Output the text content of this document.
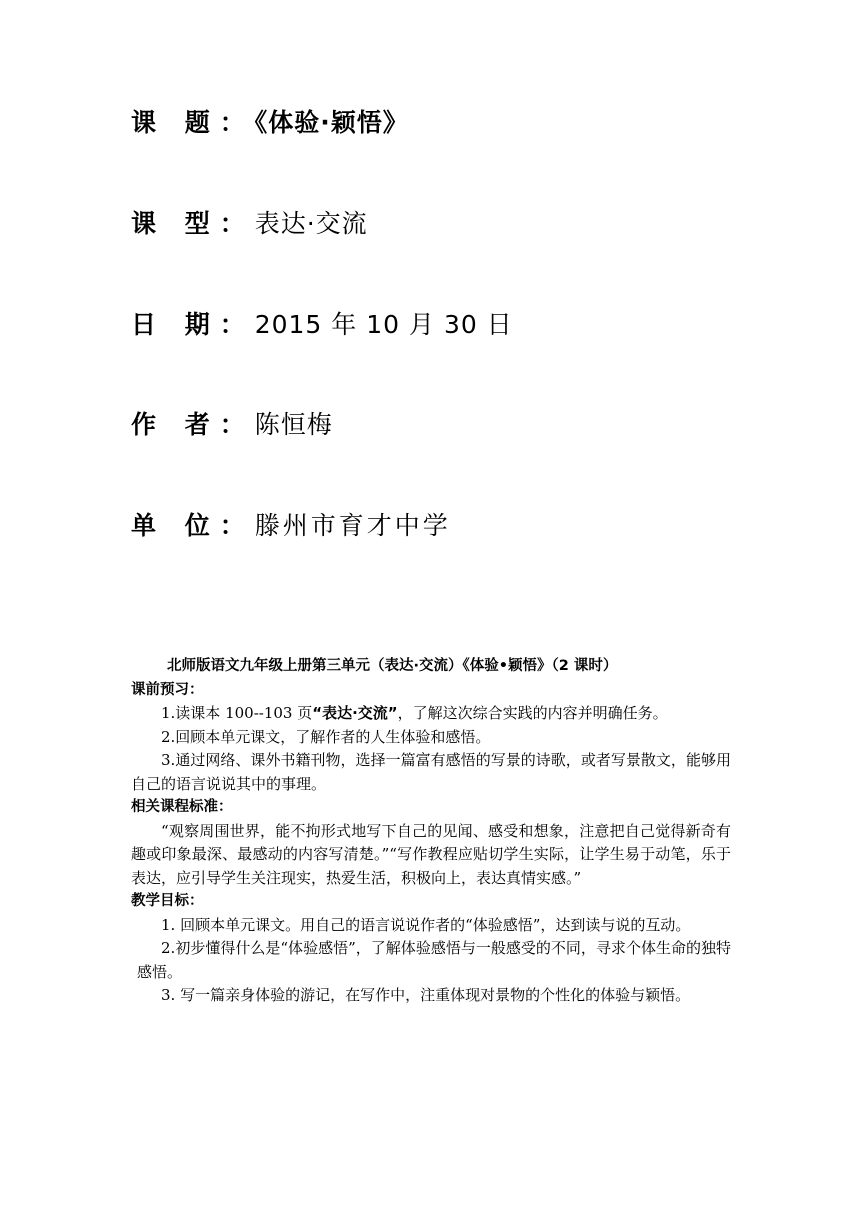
课 题：《体验·颖悟》
课 型：表达·交流
日 期：2015 年 10 月 30 日
作 者：陈恒梅
单 位：滕州市育才中学
北师版语文九年级上册第三单元（表达·交流）《体验•颖悟》（2 课时）
课前预习：
1.读课本 100--103 页“表达·交流”，了解这次综合实践的内容并明确任务。
2.回顾本单元课文，了解作者的人生体验和感悟。
3.通过网络、课外书籍刊物，选择一篇富有感悟的写景的诗歌，或者写景散文，能够用自己的语言说说其中的事理。
相关课程标准：
“观察周围世界，能不拘形式地写下自己的见闻、感受和想象，注意把自己觉得新奇有趣或印象最深、最感动的内容写清楚。”“写作教程应贴切学生实际，让学生易于动笔，乐于表达，应引导学生关注现实，热爱生活，积极向上，表达真情实感。”
教学目标：
1. 回顾本单元课文。用自己的语言说说作者的“体验感悟”，达到读与说的互动。
2.初步懂得什么是“体验感悟”，了解体验感悟与一般感受的不同，寻求个体生命的独特感悟。
3. 写一篇亲身体验的游记，在写作中，注重体现对景物的个性化的体验与颖悟。
